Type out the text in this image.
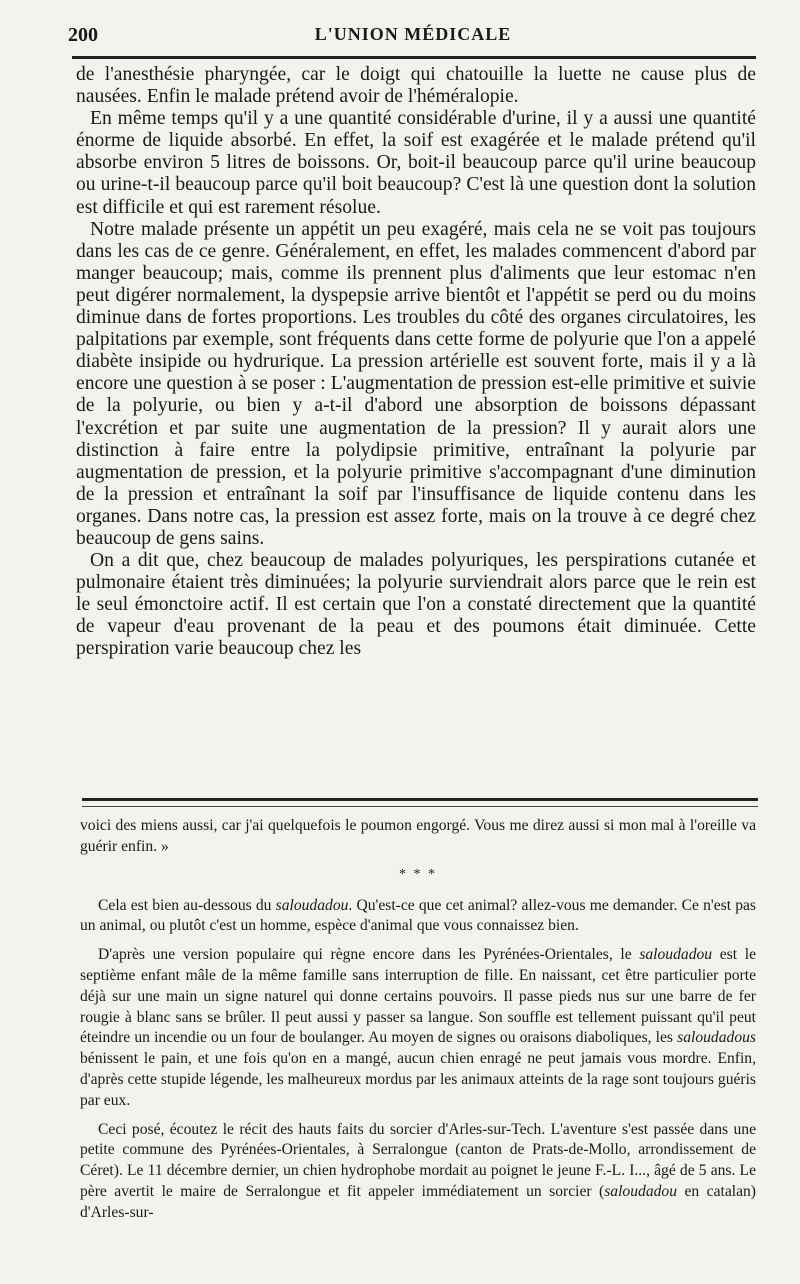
200	L'UNION MÉDICALE

de l'anesthésie pharyngée, car le doigt qui chatouille la luette ne cause plus de nausées. Enfin le malade prétend avoir de l'héméralopie.

En même temps qu'il y a une quantité considérable d'urine, il y a aussi une quantité énorme de liquide absorbé. En effet, la soif est exagérée et le malade prétend qu'il absorbe environ 5 litres de boissons. Or, boit-il beaucoup parce qu'il urine beaucoup ou urine-t-il beaucoup parce qu'il boit beaucoup? C'est là une question dont la solution est difficile et qui est rarement résolue.

Notre malade présente un appétit un peu exagéré, mais cela ne se voit pas toujours dans les cas de ce genre. Généralement, en effet, les malades commencent d'abord par manger beaucoup; mais, comme ils prennent plus d'aliments que leur estomac n'en peut digérer normalement, la dyspepsie arrive bientôt et l'appétit se perd ou du moins diminue dans de fortes proportions. Les troubles du côté des organes circulatoires, les palpitations par exemple, sont fréquents dans cette forme de polyurie que l'on a appelé diabète insipide ou hydrurique. La pression artérielle est souvent forte, mais il y a là encore une question à se poser : L'augmentation de pression est-elle primitive et suivie de la polyurie, ou bien y a-t-il d'abord une absorption de boissons dépassant l'excrétion et par suite une augmentation de la pression? Il y aurait alors une distinction à faire entre la polydipsie primitive, entraînant la polyurie par augmentation de pression, et la polyurie primitive s'accompagnant d'une diminution de la pression et entraînant la soif par l'insuffisance de liquide contenu dans les organes. Dans notre cas, la pression est assez forte, mais on la trouve à ce degré chez beaucoup de gens sains.

On a dit que, chez beaucoup de malades polyuriques, les perspirations cutanée et pulmonaire étaient très diminuées; la polyurie surviendrait alors parce que le rein est le seul émonctoire actif. Il est certain que l'on a constaté directement que la quantité de vapeur d'eau provenant de la peau et des poumons était diminuée. Cette perspiration varie beaucoup chez les

voici des miens aussi, car j'ai quelquefois le poumon engorgé. Vous me direz aussi si mon mal à l'oreille va guérir enfin. »

* * *

Cela est bien au-dessous du saloudadou. Qu'est-ce que cet animal? allez-vous me demander. Ce n'est pas un animal, ou plutôt c'est un homme, espèce d'animal que vous connaissez bien.

D'après une version populaire qui règne encore dans les Pyrénées-Orientales, le saloudadou est le septième enfant mâle de la même famille sans interruption de fille. En naissant, cet être particulier porte déjà sur une main un signe naturel qui donne certains pouvoirs. Il passe pieds nus sur une barre de fer rougie à blanc sans se brûler. Il peut aussi y passer sa langue. Son souffle est tellement puissant qu'il peut éteindre un incendie ou un four de boulanger. Au moyen de signes ou oraisons diaboliques, les saloudadous bénissent le pain, et une fois qu'on en a mangé, aucun chien enragé ne peut jamais vous mordre. Enfin, d'après cette stupide légende, les malheureux mordus par les animaux atteints de la rage sont toujours guéris par eux.

Ceci posé, écoutez le récit des hauts faits du sorcier d'Arles-sur-Tech. L'aventure s'est passée dans une petite commune des Pyrénées-Orientales, à Serralongue (canton de Prats-de-Mollo, arrondissement de Céret). Le 11 décembre dernier, un chien hydrophobe mordait au poignet le jeune F.-L. I..., âgé de 5 ans. Le père avertit le maire de Serralongue et fit appeler immédiatement un sorcier (saloudadou en catalan) d'Arles-sur-
